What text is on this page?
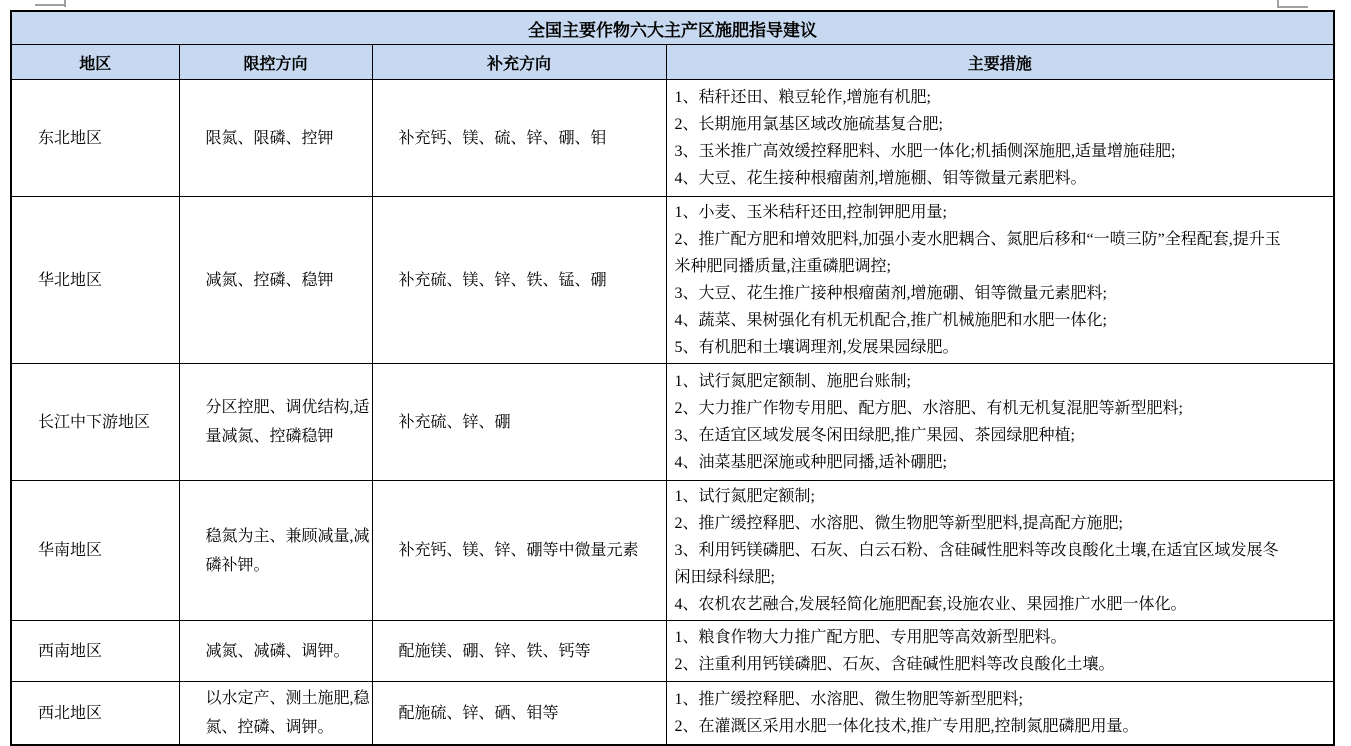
全国主要作物六大主产区施肥指导建议			
地区	限控方向	补充方向	主要措施
东北地区	限氮、限磷、控钾	补充钙、镁、硫、锌、硼、钼	1、秸秆还田、粮豆轮作,增施有机肥;
2、长期施用氯基区域改施硫基复合肥;
3、玉米推广高效缓控释肥料、水肥一体化;机插侧深施肥,适量增施硅肥;
4、大豆、花生接种根瘤菌剂,增施棚、钼等微量元素肥料。

华北地区	减氮、控磷、稳钾	补充硫、镁、锌、铁、锰、硼	1、小麦、玉米秸秆还田,控制钾肥用量;
2、推广配方肥和增效肥料,加强小麦水肥耦合、氮肥后移和“一喷三防”全程配套,提升玉米种肥同播质量,注重磷肥调控;
3、大豆、花生推广接种根瘤菌剂,增施硼、钼等微量元素肥料;
4、蔬菜、果树强化有机无机配合,推广机械施肥和水肥一体化;
5、有机肥和土壤调理剂,发展果园绿肥。

长江中下游地区	分区控肥、调优结构,适量减氮、控磷稳钾	补充硫、锌、硼	1、试行氮肥定额制、施肥台账制;
2、大力推广作物专用肥、配方肥、水溶肥、有机无机复混肥等新型肥料;
3、在适宜区域发展冬闲田绿肥,推广果园、茶园绿肥种植;
4、油菜基肥深施或种肥同播,适补硼肥;

华南地区	稳氮为主、兼顾减量,减磷补钾。	补充钙、镁、锌、硼等中微量元素	1、试行氮肥定额制;
2、推广缓控释肥、水溶肥、微生物肥等新型肥料,提高配方施肥;
3、利用钙镁磷肥、石灰、白云石粉、含硅碱性肥料等改良酸化土壤,在适宜区域发展冬闲田绿科绿肥;
4、农机农艺融合,发展轻简化施肥配套,设施农业、果园推广水肥一体化。

西南地区	减氮、减磷、调钾。	配施镁、硼、锌、铁、钙等	1、粮食作物大力推广配方肥、专用肥等高效新型肥料。
2、注重利用钙镁磷肥、石灰、含硅碱性肥料等改良酸化土壤。

西北地区	以水定产、测土施肥,稳氮、控磷、调钾。	配施硫、锌、硒、钼等	1、推广缓控释肥、水溶肥、微生物肥等新型肥料;
2、在灌溉区采用水肥一体化技术,推广专用肥,控制氮肥磷肥用量。
